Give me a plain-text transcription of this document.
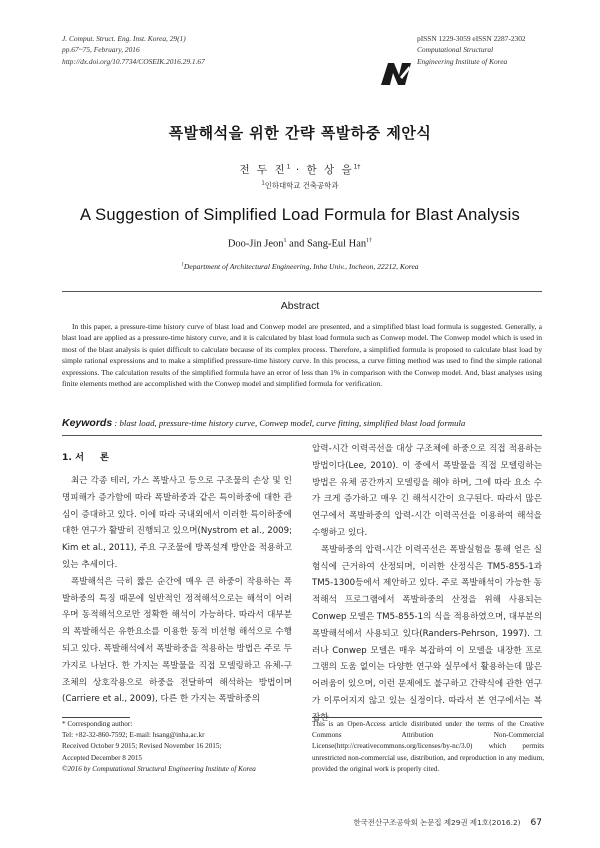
J. Comput. Struct. Eng. Inst. Korea, 29(1)
pp.67~75, February, 2016
http://dx.doi.org/10.7734/COSEIK.2016.29.1.67
pISSN 1229-3059 eISSN 2287-2302
Computational Structural
Engineering Institute of Korea
폭발해석을 위한 간략 폭발하중 제안식
전 두 진$^1$ · 한 상 을$^{1\dagger}$
$^1$인하대학교 건축공학과
A Suggestion of Simplified Load Formula for Blast Analysis
Doo-Jin Jeon$^1$ and Sang-Eul Han$^{1\dagger}$
$^1$Department of Architectural Engineering, Inha Univ., Incheon, 22212, Korea
Abstract
In this paper, a pressure-time history curve of blast load and Conwep model are presented, and a simplified blast load formula is suggested. Generally, a blast load are applied as a pressure-time history curve, and it is calculated by blast load formula such as Conwep model. The Conwep model which is used in most of the blast analysis is quiet difficult to calculate because of its complex process. Therefore, a simplified formula is proposed to calculate blast load by simple rational expressions and to make a simplified pressure-time history curve. In this process, a curve fitting method was used to find the simple rational expressions. The calculation results of the simplified formula have an error of less than 1% in comparison with the Conwep model. And, blast analyses using finite elements method are accomplished with the Conwep model and simplified formula for verification.
Keywords : blast load, pressure-time history curve, Conwep model, curve fitting, simplified blast load formula
1. 서 론

최근 각종 테러, 가스 폭발사고 등으로 구조물의 손상 및 인명피해가 증가함에 따라 폭발하중과 같은 특이하중에 대한 관심이 증대하고 있다. 이에 따라 국내외에서 이러한 특이하중에 대한 연구가 활발히 진행되고 있으며(Nystrom et al., 2009; Kim et al., 2011), 주요 구조물에 방폭설계 방안을 적용하고 있는 추세이다.

폭발해석은 극히 짧은 순간에 매우 큰 하중이 작용하는 폭발하중의 특징 때문에 일반적인 정적해석으로는 해석이 어려우며 동적해석으로만 정확한 해석이 가능하다. 따라서 대부분의 폭발해석은 유한요소를 이용한 동적 비선형 해석으로 수행되고 있다. 폭발해석에서 폭발하중을 적용하는 방법은 주로 두 가지로 나뉜다. 한 가지는 폭발물을 직접 모델링하고 유체-구조체의 상호작용으로 하중을 전달하여 해석하는 방법이며 (Carriere et al., 2009), 다른 한 가지는 폭발하중의

압력-시간 이력곡선을 대상 구조체에 하중으로 직접 적용하는 방법이다(Lee, 2010). 이 중에서 폭발물을 직접 모델링하는 방법은 유체 공간까지 모델링을 해야 하며, 그에 따라 요소 수가 크게 증가하고 매우 긴 해석시간이 요구된다. 따라서 많은 연구에서 폭발하중의 압력-시간 이력곡선을 이용하여 해석을 수행하고 있다.

폭발하중의 압력-시간 이력곡선은 폭발실험을 통해 얻은 실험식에 근거하여 산정되며, 이러한 산정식은 TM5-855-1과 TM5-1300등에서 제안하고 있다. 주로 폭발해석이 가능한 동적해석 프로그램에서 폭발하중의 산정을 위해 사용되는 Conwep 모델은 TM5-855-1의 식을 적용하였으며, 대부분의 폭발해석에서 사용되고 있다(Randers-Pehrson, 1997). 그러나 Conwep 모델은 매우 복잡하여 이 모델을 내장한 프로그램의 도움 없이는 다양한 연구와 실무에서 활용하는데 많은 어려움이 있으며, 이런 문제에도 불구하고 간략식에 관한 연구가 이루어지지 않고 있는 실정이다. 따라서 본 연구에서는 복잡한

* Corresponding author:
Tel: +82-32-860-7592; E-mail: hsang@inha.ac.kr
Received October 9 2015; Revised November 16 2015;
Accepted December 8 2015
©2016 by Computational Structural Engineering Institute of Korea
This is an Open-Access article distributed under the terms of the Creative Commons Attribution Non-Commercial License(http://creativecommons.org/licenses/by-nc/3.0) which permits unrestricted non-commercial use, distribution, and reproduction in any medium, provided the original work is properly cited.
한국전산구조공학회 논문집 제29권 제1호(2016.2) 67
